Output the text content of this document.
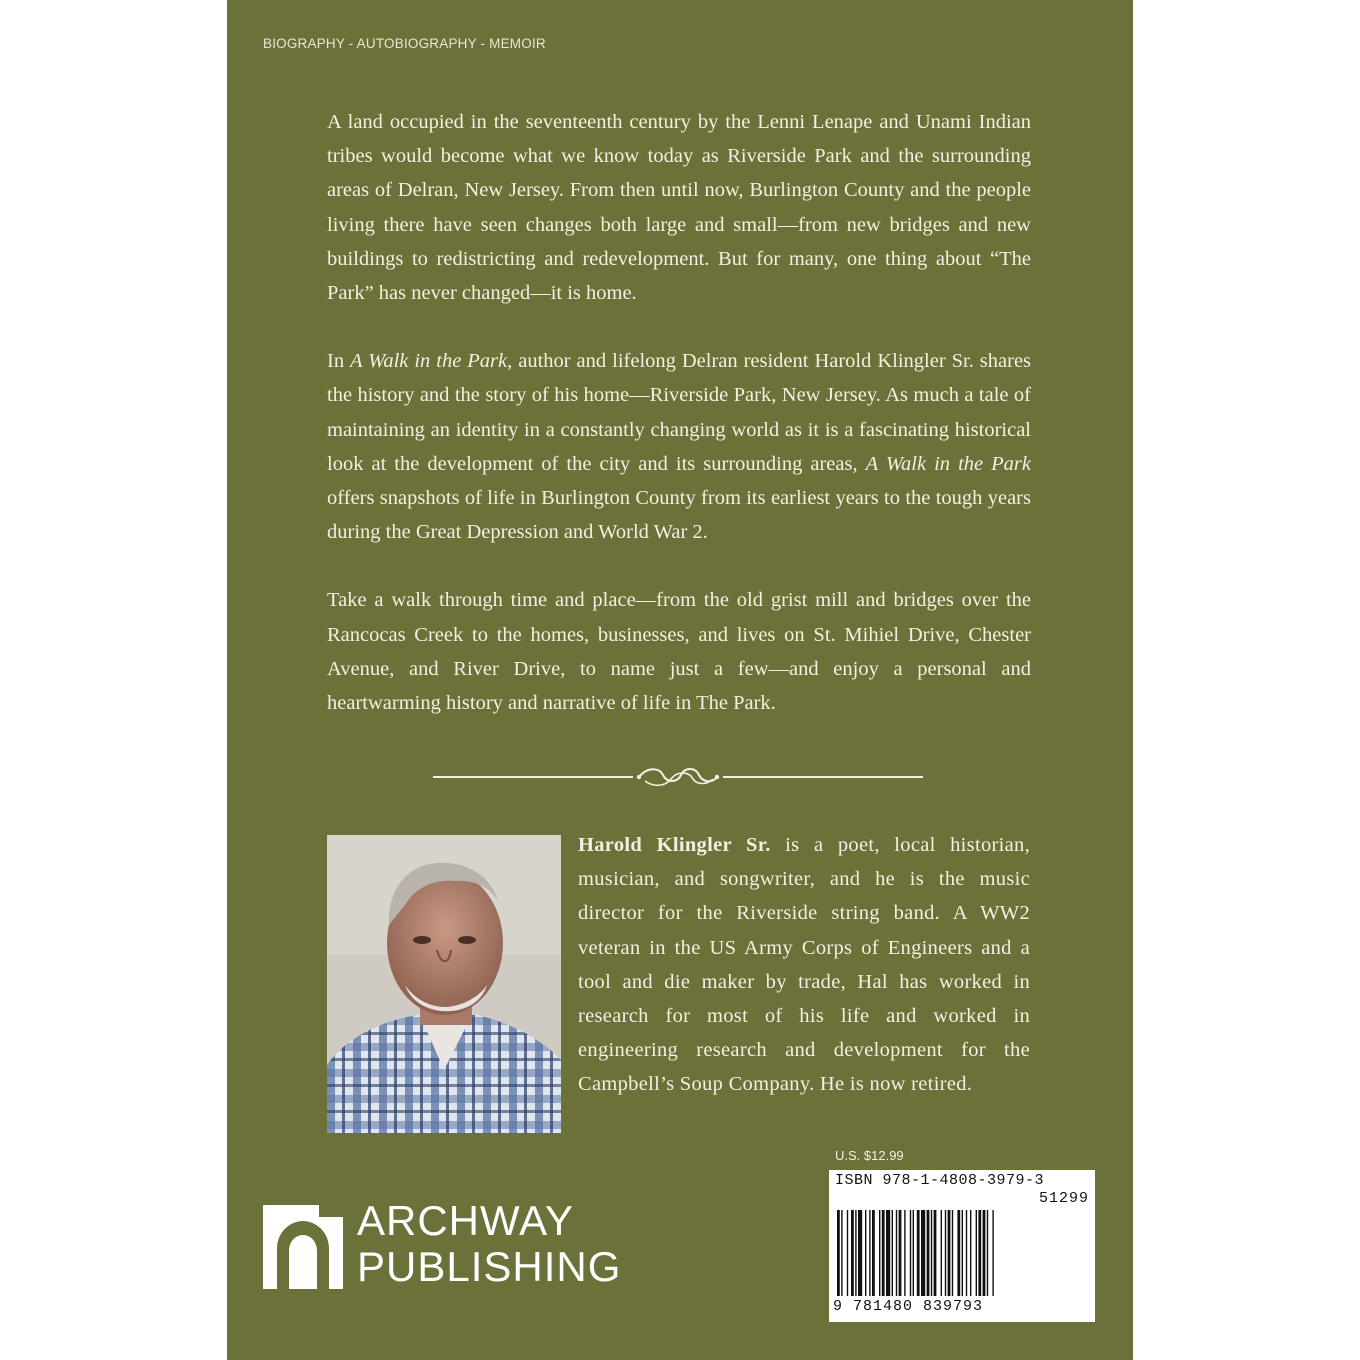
BIOGRAPHY - AUTOBIOGRAPHY - MEMOIR

A land occupied in the seventeenth century by the Lenni Lenape and Unami Indian tribes would become what we know today as Riverside Park and the surrounding areas of Delran, New Jersey. From then until now, Burlington County and the people living there have seen changes both large and small—from new bridges and new buildings to redistricting and redevelopment. But for many, one thing about “The Park” has never changed—it is home.

In A Walk in the Park, author and lifelong Delran resident Harold Klingler Sr. shares the history and the story of his home—Riverside Park, New Jersey. As much a tale of maintaining an identity in a constantly changing world as it is a fascinating historical look at the development of the city and its surrounding areas, A Walk in the Park offers snapshots of life in Burlington County from its earliest years to the tough years during the Great Depression and World War 2.

Take a walk through time and place—from the old grist mill and bridges over the Rancocas Creek to the homes, businesses, and lives on St. Mihiel Drive, Chester Avenue, and River Drive, to name just a few—and enjoy a personal and heartwarming history and narrative of life in The Park.

Harold Klingler Sr. is a poet, local historian, musician, and songwriter, and he is the music director for the Riverside string band. A WW2 veteran in the US Army Corps of Engineers and a tool and die maker by trade, Hal has worked in research for most of his life and worked in engineering research and development for the Campbell’s Soup Company. He is now retired.
ARCHWAY
PUBLISHING
U.S. $12.99
ISBN 978-1-4808-3979-3
51299
9 781480 839793
